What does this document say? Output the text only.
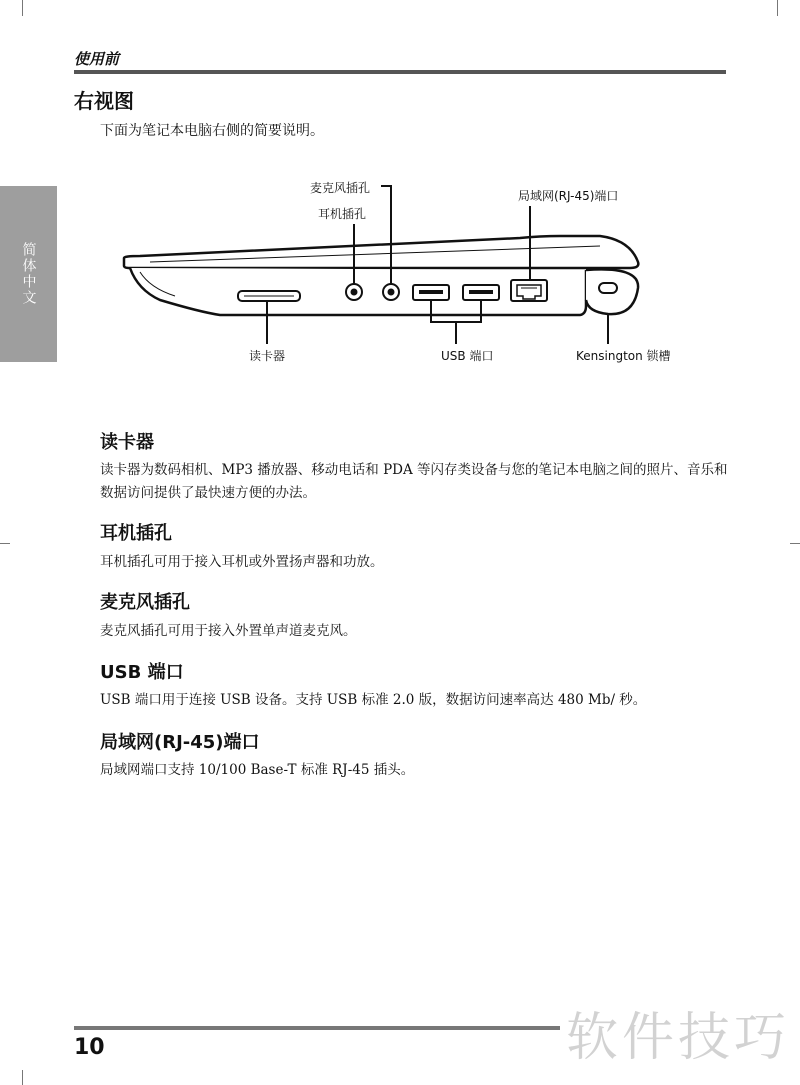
使用前
简体中文
右视图
下面为笔记本电脑右侧的简要说明。
麦克风插孔
耳机插孔
局域网(RJ-45)端口
读卡器	USB 端口	Kensington 锁槽
读卡器
读卡器为数码相机、MP3 播放器、移动电话和 PDA 等闪存类设备与您的笔记本电脑之间的照片、音乐和数据访问提供了最快速方便的办法。
耳机插孔
耳机插孔可用于接入耳机或外置扬声器和功放。
麦克风插孔
麦克风插孔可用于接入外置单声道麦克风。
USB 端口
USB 端口用于连接 USB 设备。支持 USB 标准 2.0 版，数据访问速率高达 480 Mb/ 秒。
局域网(RJ-45)端口
局域网端口支持 10/100 Base-T 标准 RJ-45 插头。
10	软件技巧
